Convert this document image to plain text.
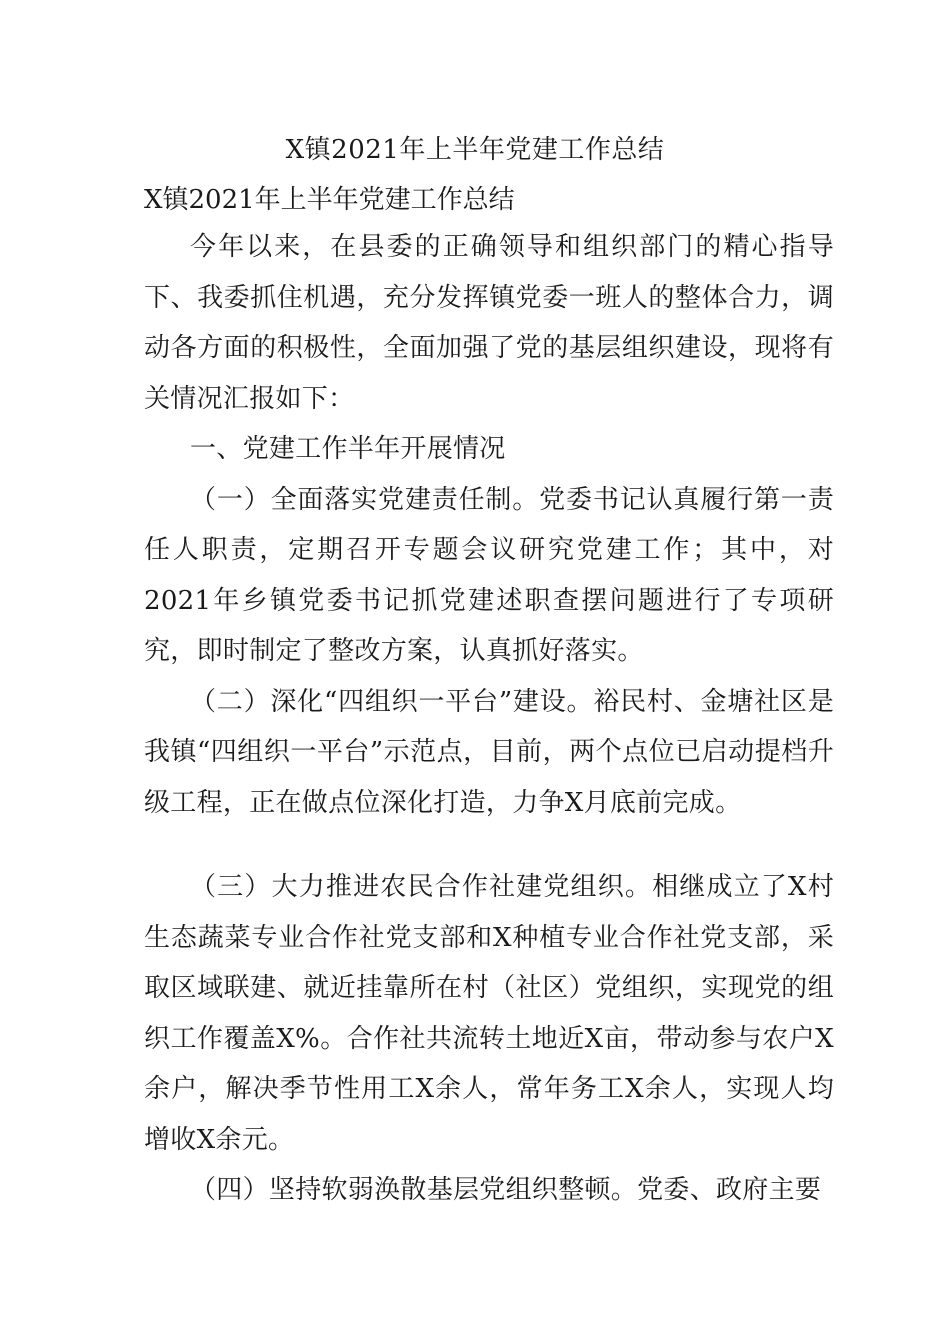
X镇2021年上半年党建工作总结
X镇2021年上半年党建工作总结

今年以来，在县委的正确领导和组织部门的精心指导下、我委抓住机遇，充分发挥镇党委一班人的整体合力，调动各方面的积极性，全面加强了党的基层组织建设，现将有关情况汇报如下：

一、党建工作半年开展情况

（一）全面落实党建责任制。党委书记认真履行第一责任人职责，定期召开专题会议研究党建工作；其中，对2021年乡镇党委书记抓党建述职查摆问题进行了专项研究，即时制定了整改方案，认真抓好落实。

（二）深化“四组织一平台”建设。裕民村、金塘社区是我镇“四组织一平台”示范点，目前，两个点位已启动提档升级工程，正在做点位深化打造，力争X月底前完成。

（三）大力推进农民合作社建党组织。相继成立了X村生态蔬菜专业合作社党支部和X种植专业合作社党支部，采取区域联建、就近挂靠所在村（社区）党组织，实现党的组织工作覆盖X%。合作社共流转土地近X亩，带动参与农户X余户，解决季节性用工X余人，常年务工X余人，实现人均增收X余元。

（四）坚持软弱涣散基层党组织整顿。党委、政府主要
